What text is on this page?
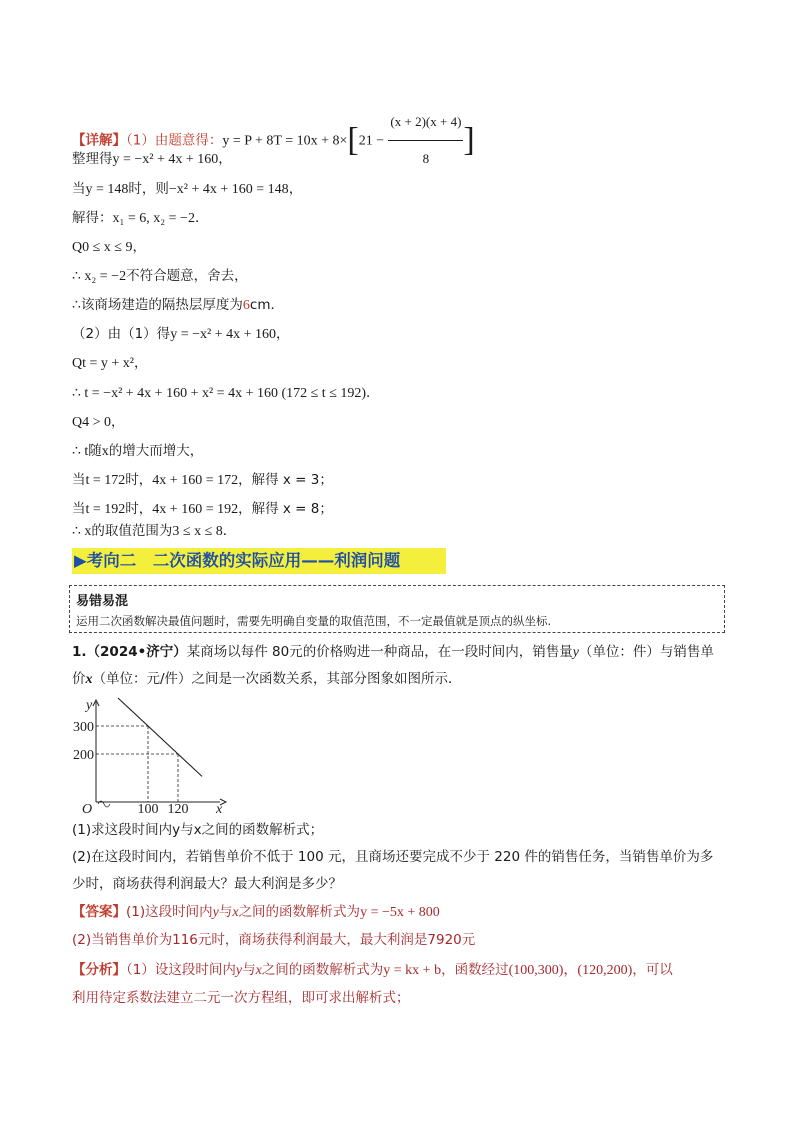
【详解】（1）由题意得：$y = P + 8T = 10x + 8\times[21 - \frac{(x + 2)(x + 4)}{8}$ ]
整理得y = −x² + 4x + 160，
当y = 148时，则−x² + 4x + 160 = 148，
解得：x₁ = 6, x₂ = −2．
Q0 ≤ x ≤ 9，
∴ x₂ = −2不符合题意，舍去，
∴该商场建造的隔热层厚度为6cm．
（2）由（1）得y = −x² + 4x + 160，
Qt = y + x²，
∴ t = −x² + 4x + 160 + x² = 4x + 160 (172 ≤ t ≤ 192)．
Q4 > 0，
∴ t随x的增大而增大，
当t = 172时，4x + 160 = 172，解得 x = 3；
当t = 192时，4x + 160 = 192，解得 x = 8；
∴ x的取值范围为3 ≤ x ≤ 8．
▶考向二　二次函数的实际应用——利润问题
易错易混
运用二次函数解决最值问题时，需要先明确自变量的取值范围，不一定最值就是顶点的纵坐标.
1.（2024•济宁）某商场以每件 80元的价格购进一种商品，在一段时间内，销售量y（单位：件）与销售单
价x（单位：元/件）之间是一次函数关系，其部分图象如图所示．
300
200
100 120 x
y
O
(1)求这段时间内y与x之间的函数解析式；
(2)在这段时间内，若销售单价不低于 100 元，且商场还要完成不少于 220 件的销售任务，当销售单价为多
少时，商场获得利润最大？最大利润是多少？
【答案】(1)这段时间内y与x之间的函数解析式为y = −5x + 800
(2)当销售单价为116元时，商场获得利润最大，最大利润是7920元
【分析】（1）设这段时间内y与x之间的函数解析式为y = kx + b，函数经过(100,300)，(120,200)，可以
利用待定系数法建立二元一次方程组，即可求出解析式；
